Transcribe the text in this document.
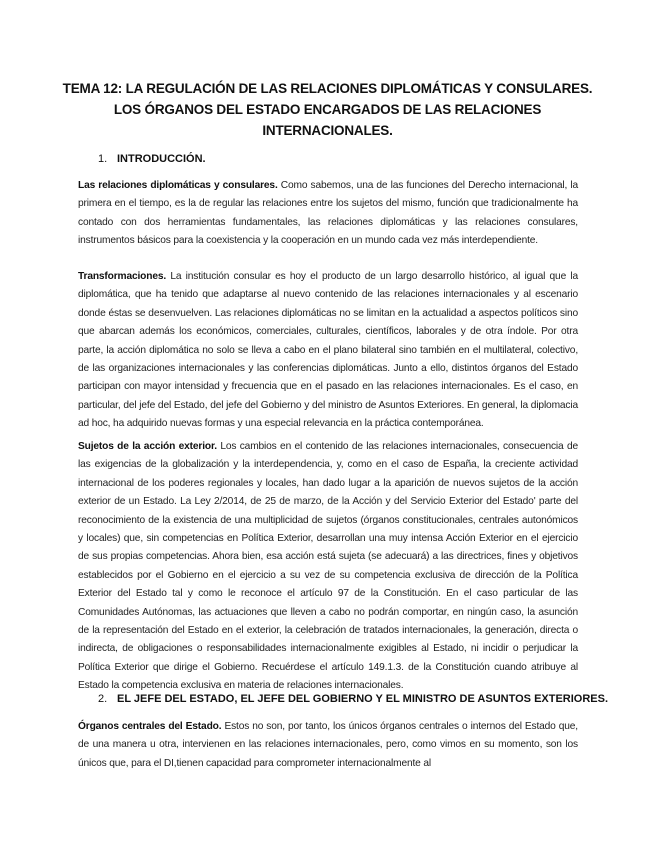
TEMA 12: LA REGULACIÓN DE LAS RELACIONES DIPLOMÁTICAS Y CONSULARES.
LOS ÓRGANOS DEL ESTADO ENCARGADOS DE LAS RELACIONES
INTERNACIONALES.
1. INTRODUCCIÓN.
Las relaciones diplomáticas y consulares. Como sabemos, una de las funciones del Derecho internacional, la primera en el tiempo, es la de regular las relaciones entre los sujetos del mismo, función que tradicionalmente ha contado con dos herramientas fundamentales, las relaciones diplomáticas y las relaciones consulares, instrumentos básicos para la coexistencia y la cooperación en un mundo cada vez más interdependiente.
Transformaciones. La institución consular es hoy el producto de un largo desarrollo histórico, al igual que la diplomática, que ha tenido que adaptarse al nuevo contenido de las relaciones internacionales y al escenario donde éstas se desenvuelven. Las relaciones diplomáticas no se limitan en la actualidad a aspectos políticos sino que abarcan además los económicos, comerciales, culturales, científicos, laborales y de otra índole. Por otra parte, la acción diplomática no solo se lleva a cabo en el plano bilateral sino también en el multilateral, colectivo, de las organizaciones internacionales y las conferencias diplomáticas. Junto a ello, distintos órganos del Estado participan con mayor intensidad y frecuencia que en el pasado en las relaciones internacionales. Es el caso, en particular, del jefe del Estado, del jefe del Gobierno y del ministro de Asuntos Exteriores. En general, la diplomacia ad hoc, ha adquirido nuevas formas y una especial relevancia en la práctica contemporánea.
Sujetos de la acción exterior. Los cambios en el contenido de las relaciones internacionales, consecuencia de las exigencias de la globalización y la interdependencia, y, como en el caso de España, la creciente actividad internacional de los poderes regionales y locales, han dado lugar a la aparición de nuevos sujetos de la acción exterior de un Estado. La Ley 2/2014, de 25 de marzo, de la Acción y del Servicio Exterior del Estado' parte del reconocimiento de la existencia de una multiplicidad de sujetos (órganos constitucionales, centrales autonómicos y locales) que, sin competencias en Política Exterior, desarrollan una muy intensa Acción Exterior en el ejercicio de sus propias competencias. Ahora bien, esa acción está sujeta (se adecuará) a las directrices, fines y objetivos establecidos por el Gobierno en el ejercicio a su vez de su competencia exclusiva de dirección de la Política Exterior del Estado tal y como le reconoce el artículo 97 de la Constitución. En el caso particular de las Comunidades Autónomas, las actuaciones que lleven a cabo no podrán comportar, en ningún caso, la asunción de la representación del Estado en el exterior, la celebración de tratados internacionales, la generación, directa o indirecta, de obligaciones o responsabilidades internacionalmente exigibles al Estado, ni incidir o perjudicar la Política Exterior que dirige el Gobierno. Recuérdese el artículo 149.1.3. de la Constitución cuando atribuye al Estado la competencia exclusiva en materia de relaciones internacionales.
2. EL JEFE DEL ESTADO, EL JEFE DEL GOBIERNO Y EL MINISTRO DE ASUNTOS EXTERIORES.
Órganos centrales del Estado. Estos no son, por tanto, los únicos órganos centrales o internos del Estado que, de una manera u otra, intervienen en las relaciones internacionales, pero, como vimos en su momento, son los únicos que, para el DI,tienen capacidad para comprometer internacionalmente al
